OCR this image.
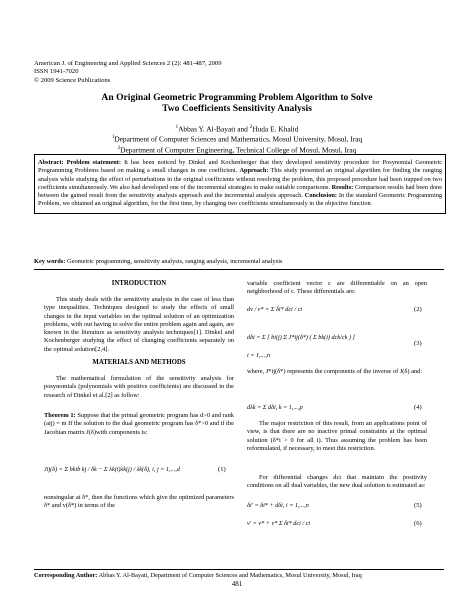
American J. of Engineering and Applied Sciences 2 (2): 481-487, 2009
ISSN 1941-7020
© 2009 Science Publications
An Original Geometric Programming Problem Algorithm to Solve
Two Coefficients Sensitivity Analysis
$^1$Abbas Y. Al-Bayati and $^2$Huda E. Khalid
$^1$Department of Computer Sciences and Mathematics, Mosul University, Mosul, Iraq
$^2$Department of Computer Engineering, Technical College of Mosul, Mosul, Iraq
Abstract: Problem statement: It has been noticed by Dinkel and Kochenberger that they developed sensitivity procedure for Posynomial Geometric Programming Problems based on making a small changes in one coefficient. Approach: This study presented an original algorithm for finding the ranging analysis while studying the effect of perturbations in the original coefficients without resolving the problem, this proposed procedure had been trapped on two coefficients simultaneously. We also had developed one of the incremental strategies to make suitable comparisons. Results: Comparison results had been done between the gained result from the sensitivity analysis approach and the incremental analysis approach. Conclusion: In the standard Geometric Programming Problem, we obtained an original algorithm, for the first time, by changing two coefficients simultaneously in the objective function.
Key words: Geometric programming, sensitivity analysis, ranging analysis, incremental analysis
INTRODUCTION
This study deals with the sensitivity analysis in the case of less than type inequalities. Techniques designed to study the effects of small changes in the input variables on the optimal solution of an optimization problems, with out having to solve the entire problem again and again, are known in the literature as sensitivity analysis techniques[1]. Dinkel and Kochenberger studying the effect of changing coefficients separately on the optimal solution[2,4].
MATERIALS AND METHODS
The mathematical formulation of the sensitivity analysis for posynomials (polynomials with positive coefficients) are discussed in the research of Dinkel et al.[2] as follow:
Theorem 1: Suppose that the primal geometric program has d>0 and rank (aij) = m If the solution to the dual geometric program has δ*>0 and if the Jacobian matrix J(δ)with components is:
Jij(δ) = Σ bkib kj / δk − Σ λk(i)λk(j) / λk(δ), i, j = 1,...,d	(1)
nonsingular at δ*, then the functions which give the optimized parameters δ* and v(δ*) in terms of the
variable coefficient vector c are differentiable on an open neighborhood of c. These differentials are:
dv / v* = Σ δi* dci / ci	(2)
dδi = Σ [ bi(j) Σ J*ij(δ*) ( Σ bk(i) dck/ck ) ]
i = 1,...,n
(3)
where, J*ij(δ*) represents the components of the inverse of J(δ) and:
dλk = Σ dδi, k = 1,...,p	(4)
The major restriction of this result, from an applications point of view, is that there are no inactive primal constraints at the optimal solution (δ*i > 0 for all i). Thus assuming the problem has been reformulated, if necessary, to meet this restriction.
For differential changes dci that maintain the positivity conditions on all dual variables, the new dual solution is estimated as:
δi' = δi* + dδi, i = 1,...,n	(5)
v' = v* + v* Σ δi* dci / ci	(6)
Corresponding Author: Abbas Y. Al-Bayati, Department of Computer Sciences and Mathematics, Mosul University, Mosul, Iraq
481
